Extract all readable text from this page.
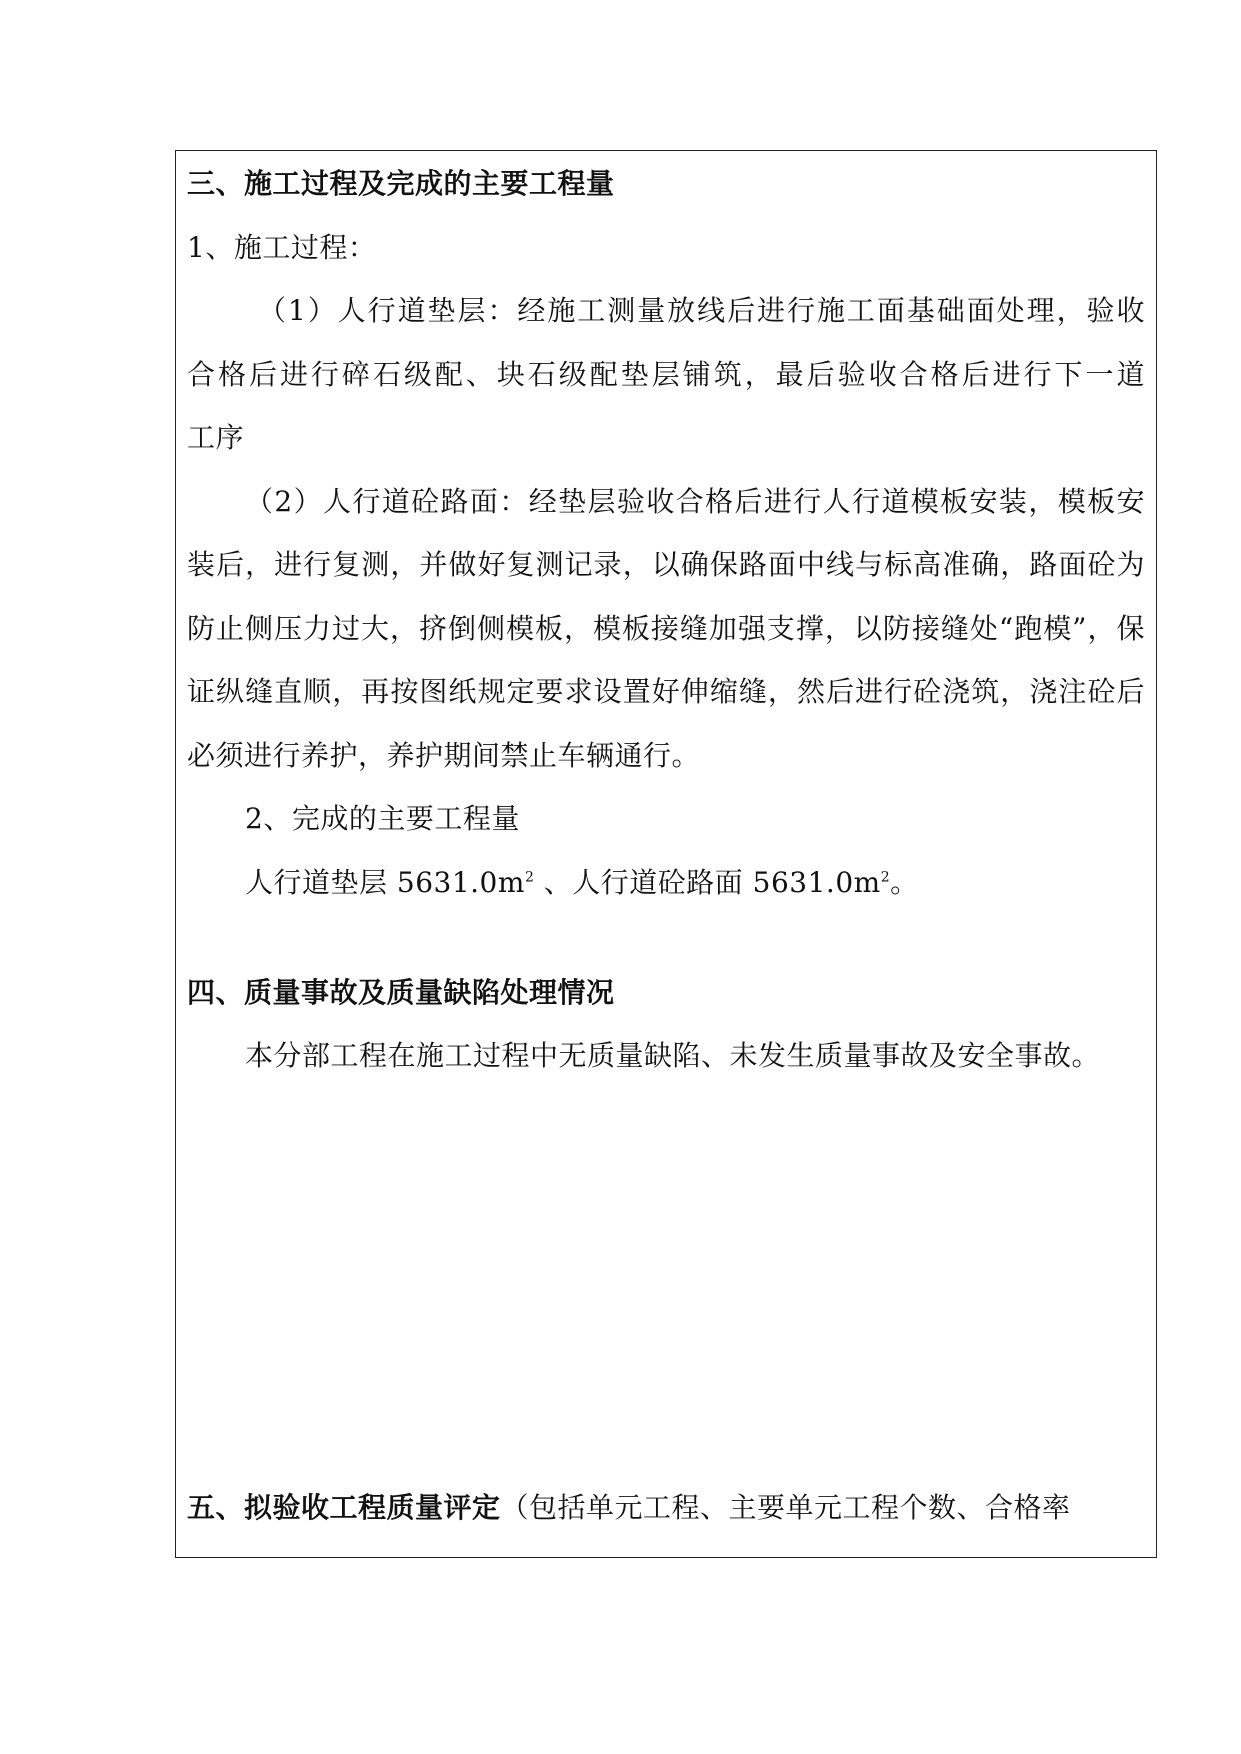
三、施工过程及完成的主要工程量
1、施工过程：
（1）人行道垫层：经施工测量放线后进行施工面基础面处理，验收
合格后进行碎石级配、块石级配垫层铺筑，最后验收合格后进行下一道
工序
（2）人行道砼路面：经垫层验收合格后进行人行道模板安装，模板安
装后，进行复测，并做好复测记录，以确保路面中线与标高准确，路面砼为
防止侧压力过大，挤倒侧模板，模板接缝加强支撑，以防接缝处“跑模”，保
证纵缝直顺，再按图纸规定要求设置好伸缩缝，然后进行砼浇筑，浇注砼后
必须进行养护，养护期间禁止车辆通行。
2、完成的主要工程量
人行道垫层 $5631.0m^2$ 、人行道砼路面 $5631.0m^2$。
四、质量事故及质量缺陷处理情况
本分部工程在施工过程中无质量缺陷、未发生质量事故及安全事故。
五、拟验收工程质量评定（包括单元工程、主要单元工程个数、合格率
